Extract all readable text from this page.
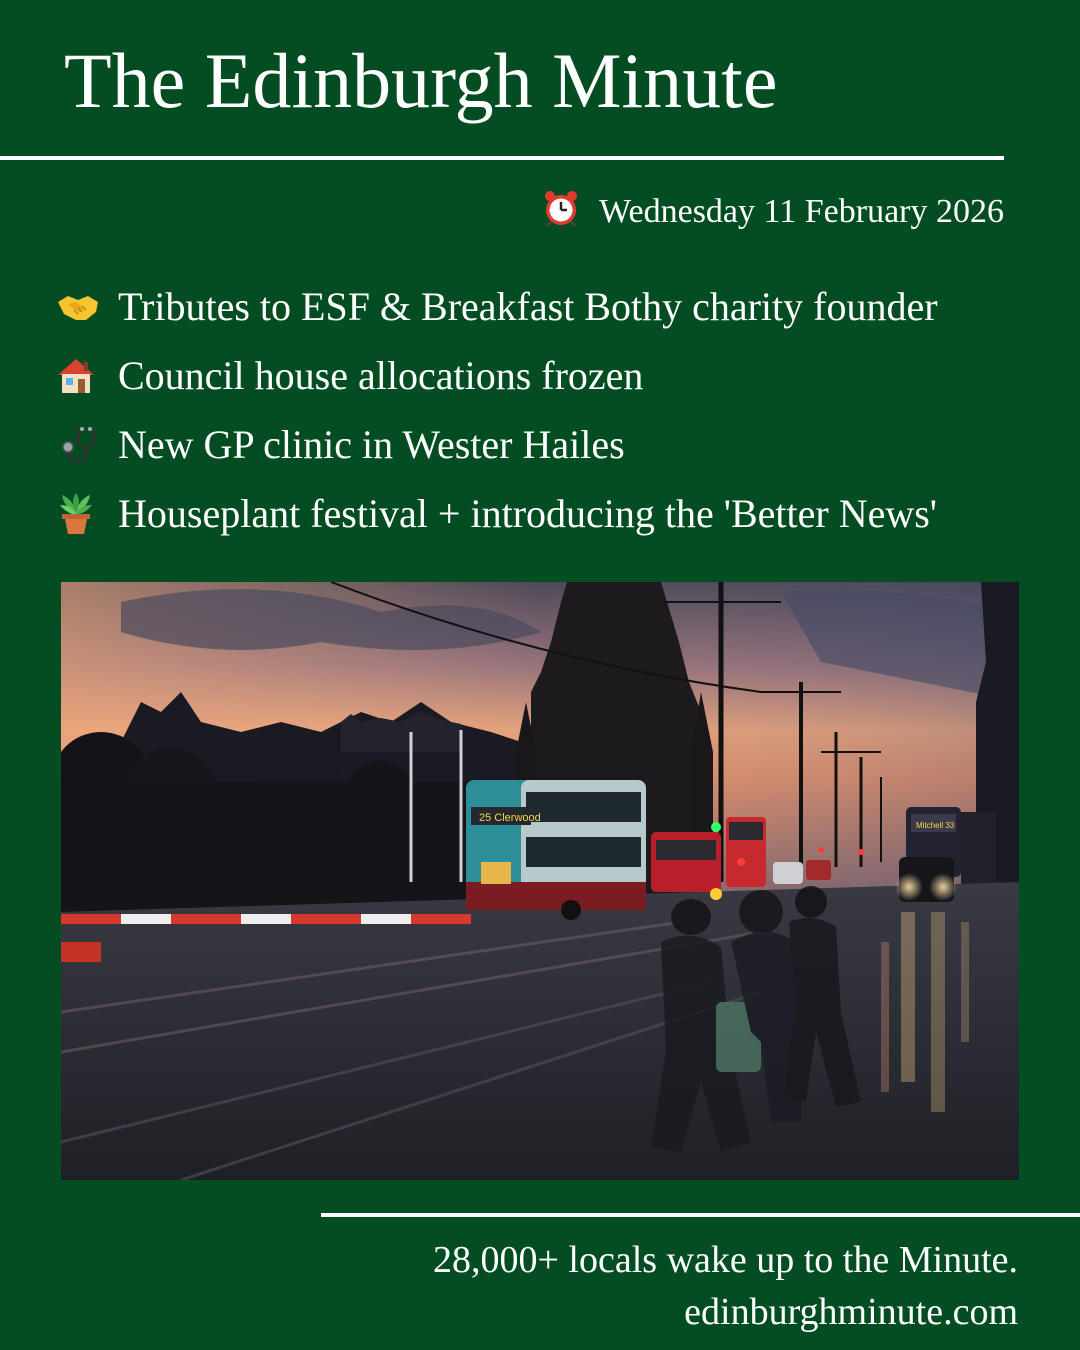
The Edinburgh Minute
Wednesday 11 February 2026
Tributes to ESF & Breakfast Bothy charity founder
Council house allocations frozen
New GP clinic in Wester Hailes
Houseplant festival + introducing the 'Better News'
25 Clerwood
Mitchell 33
28,000+ locals wake up to the Minute.
edinburghminute.com
